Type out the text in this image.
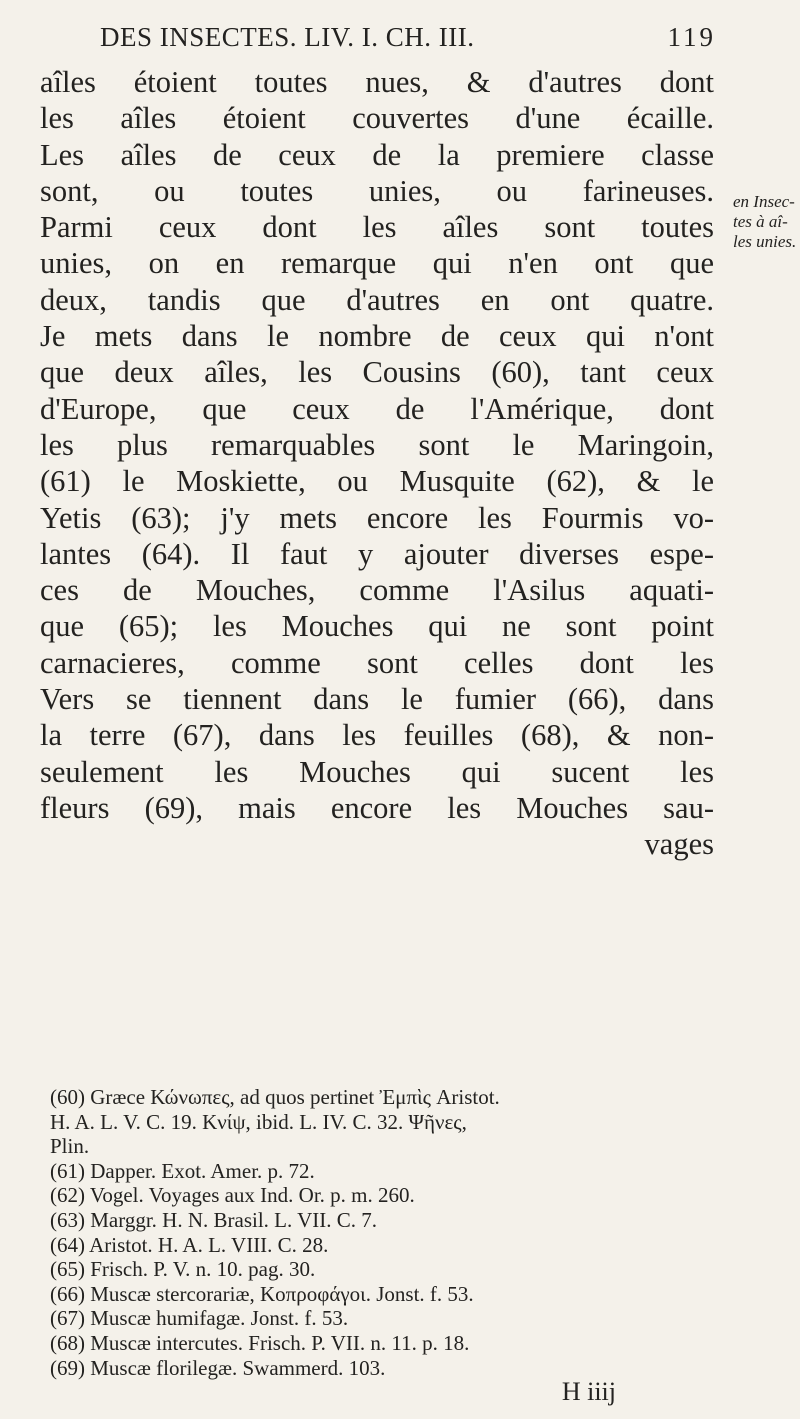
DES INSECTES. LIV. I. CH. III.	119
aîles étoient toutes nues, & d'autres dont
les aîles étoient couvertes d'une écaille.
Les aîles de ceux de la premiere classe
sont, ou toutes unies, ou farineuses.
Parmi ceux dont les aîles sont toutes
unies, on en remarque qui n'en ont que
deux, tandis que d'autres en ont quatre.
Je mets dans le nombre de ceux qui n'ont
que deux aîles, les Cousins (60), tant ceux
d'Europe, que ceux de l'Amérique, dont
les plus remarquables sont le Maringoin,
(61) le Moskiette, ou Musquite (62), & le
Yetis (63); j'y mets encore les Fourmis vo-
lantes (64). Il faut y ajouter diverses espe-
ces de Mouches, comme l'Asilus aquati-
que (65); les Mouches qui ne sont point
carnacieres, comme sont celles dont les
Vers se tiennent dans le fumier (66), dans
la terre (67), dans les feuilles (68), & non-
seulement les Mouches qui sucent les
fleurs (69), mais encore les Mouches sau-
vages
en Insec-
tes à aî-
les unies.
(60) Græce Κώνωπες, ad quos pertinet Ἐμπὶς Aristot.
H. A. L. V. C. 19. Κνίψ, ibid. L. IV. C. 32. Ψῆνες,
Plin.
(61) Dapper. Exot. Amer. p. 72.
(62) Vogel. Voyages aux Ind. Or. p. m. 260.
(63) Marggr. H. N. Brasil. L. VII. C. 7.
(64) Aristot. H. A. L. VIII. C. 28.
(65) Frisch. P. V. n. 10. pag. 30.
(66) Muscæ stercorariæ, Κοπροφάγοι. Jonst. f. 53.
(67) Muscæ humifagæ. Jonst. f. 53.
(68) Muscæ intercutes. Frisch. P. VII. n. 11. p. 18.
(69) Muscæ florilegæ. Swammerd. 103.
H iiij
